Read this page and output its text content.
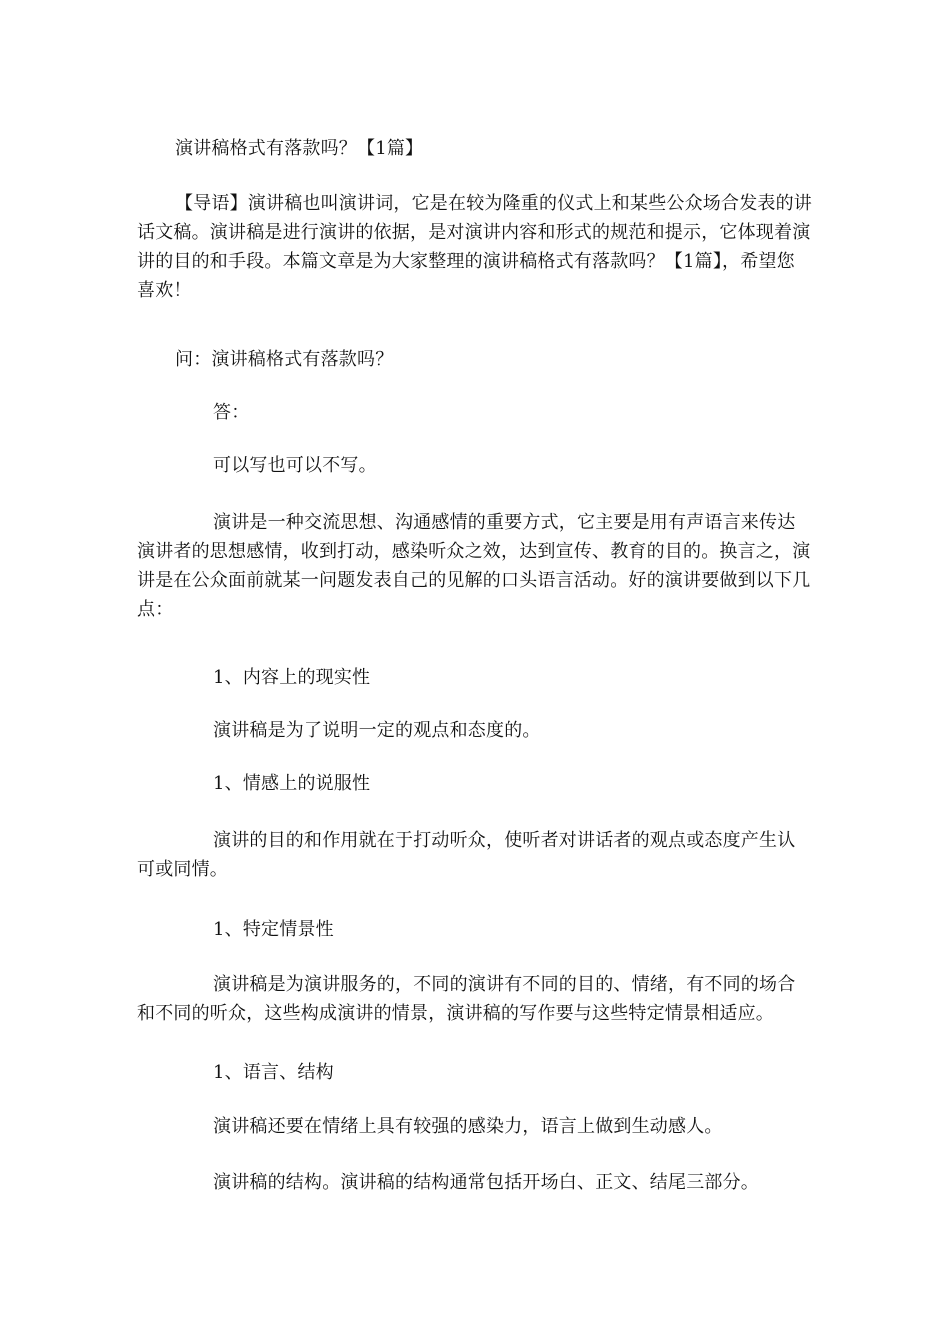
演讲稿格式有落款吗？【1篇】

【导语】演讲稿也叫演讲词，它是在较为隆重的仪式上和某些公众场合发表的讲话文稿。演讲稿是进行演讲的依据，是对演讲内容和形式的规范和提示，它体现着演讲的目的和手段。本篇文章是为大家整理的演讲稿格式有落款吗？【1篇】，希望您喜欢！

问：演讲稿格式有落款吗？

答：

可以写也可以不写。

演讲是一种交流思想、沟通感情的重要方式，它主要是用有声语言来传达演讲者的思想感情，收到打动，感染听众之效，达到宣传、教育的目的。换言之，演讲是在公众面前就某一问题发表自己的见解的口头语言活动。好的演讲要做到以下几点：

1、内容上的现实性

演讲稿是为了说明一定的观点和态度的。

1、情感上的说服性

演讲的目的和作用就在于打动听众，使听者对讲话者的观点或态度产生认可或同情。

1、特定情景性

演讲稿是为演讲服务的，不同的演讲有不同的目的、情绪，有不同的场合和不同的听众，这些构成演讲的情景，演讲稿的写作要与这些特定情景相适应。

1、语言、结构

演讲稿还要在情绪上具有较强的感染力，语言上做到生动感人。

演讲稿的结构。演讲稿的结构通常包括开场白、正文、结尾三部分。
